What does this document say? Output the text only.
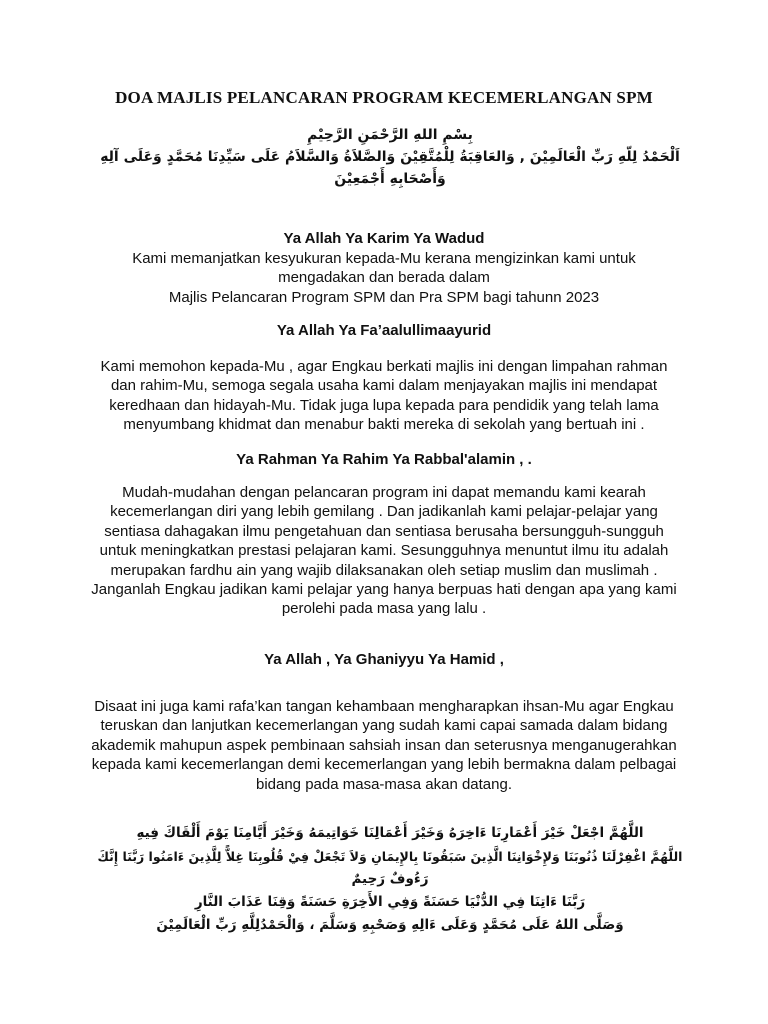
DOA MAJLIS PELANCARAN PROGRAM KECEMERLANGAN SPM
بِسْمِ اللهِ الرَّحْمَنِ الرَّحِيْمِ
اَلْحَمْدُ لِلّهِ رَبِّ الْعَالَمِيْنَ , وَالعَاقِبَةُ لِلْمُتَّقِيْنَ وَالصَّلاَةُ وَالسَّلاَمُ عَلَى سَيِّدِنَا مُحَمَّدٍ وَعَلَى آلِهِ
وَأَصْحَابِهِ أَجْمَعِيْنَ
Ya Allah Ya Karim Ya Wadud
Kami memanjatkan kesyukuran kepada-Mu kerana mengizinkan kami untuk
mengadakan dan berada dalam
Majlis Pelancaran Program SPM dan Pra SPM bagi tahunn 2023
Ya Allah Ya Fa’aalullimaayurid
Kami memohon kepada-Mu , agar Engkau berkati majlis ini dengan limpahan rahman
dan rahim-Mu, semoga segala usaha kami dalam menjayakan majlis ini mendapat
keredhaan dan hidayah-Mu. Tidak juga lupa kepada para pendidik yang telah lama
menyumbang khidmat dan menabur bakti mereka di sekolah yang bertuah ini .
Ya Rahman Ya Rahim Ya Rabbal'alamin , .
Mudah-mudahan dengan pelancaran program ini dapat memandu kami kearah
kecemerlangan diri yang lebih gemilang . Dan jadikanlah kami pelajar-pelajar yang
sentiasa dahagakan ilmu pengetahuan dan sentiasa berusaha bersungguh-sungguh
untuk meningkatkan prestasi pelajaran kami. Sesungguhnya menuntut ilmu itu adalah
merupakan fardhu ain yang wajib dilaksanakan oleh setiap muslim dan muslimah .
Janganlah Engkau jadikan kami pelajar yang hanya berpuas hati dengan apa yang kami
perolehi pada masa yang lalu .
Ya Allah , Ya Ghaniyyu Ya Hamid ,
Disaat ini juga kami rafa’kan tangan kehambaan mengharapkan ihsan-Mu agar Engkau
teruskan dan lanjutkan kecemerlangan yang sudah kami capai samada dalam bidang
akademik mahupun aspek pembinaan sahsiah insan dan seterusnya menganugerahkan
kepada kami kecemerlangan demi kecemerlangan yang lebih bermakna dalam pelbagai
bidang pada masa-masa akan datang.
اللَّهُمَّ اجْعَلْ خَيْرَ أَعْمَارِنَا ءَاخِرَهُ وَخَيْرَ أَعْمَالِنَا خَوَاتِيمَهُ وَخَيْرَ أَيَّامِنَا يَوْمَ أَلْقَاكَ فِيهِ
اللَّهُمَّ اغْفِرْلَنَا ذُنُوبَنَا وَلإِخْوَانِنَا الَّذِينَ سَبَقُونَا بِالإِيمَانِ وَلاَ تَجْعَلْ فِيْ قُلُوبِنَا غِلاًّ لِلَّذِينَ ءَامَنُوا رَبَّنَا إِنَّكَ
رَءُوفٌ رَحِيمٌ
رَبَّنَا ءَاتِنَا فِي الدُّنْيَا حَسَنَةً وَفِي الأَخِرَةِ حَسَنَةً وَقِنَا عَذَابَ النَّارِ
وَصَلَّى اللهُ عَلَى مُحَمَّدٍ وَعَلَى ءَالِهِ وَصَحْبِهِ وَسَلَّمَ ، وَالْحَمْدُلِلَّهِ رَبِّ الْعَالَمِيْنَ
